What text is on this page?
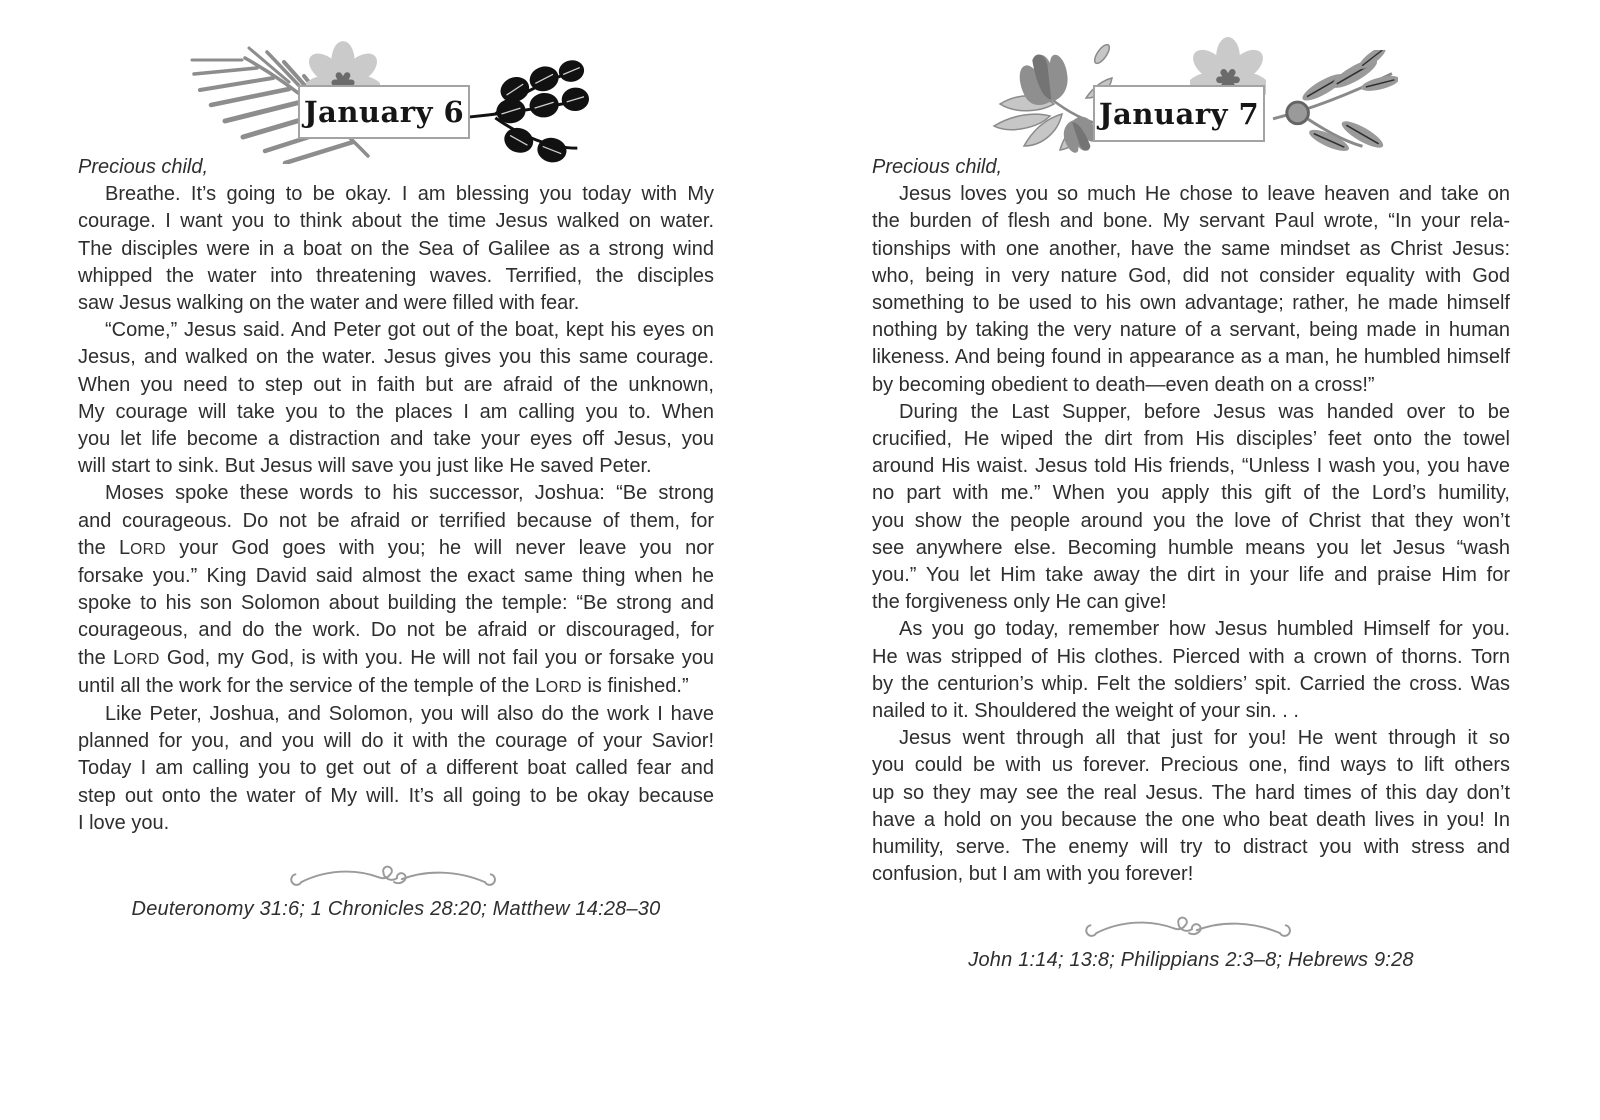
January 6
Precious child,
Breathe. It’s going to be okay. I am blessing you today with My
courage. I want you to think about the time Jesus walked on water.
The disciples were in a boat on the Sea of Galilee as a strong wind
whipped the water into threatening waves. Terrified, the disciples
saw Jesus walking on the water and were filled with fear.
“Come,” Jesus said. And Peter got out of the boat, kept his eyes on
Jesus, and walked on the water. Jesus gives you this same courage.
When you need to step out in faith but are afraid of the unknown,
My courage will take you to the places I am calling you to. When
you let life become a distraction and take your eyes off Jesus, you
will start to sink. But Jesus will save you just like He saved Peter.
Moses spoke these words to his successor, Joshua: “Be strong
and courageous. Do not be afraid or terrified because of them, for
the LORD your God goes with you; he will never leave you nor
forsake you.” King David said almost the exact same thing when he
spoke to his son Solomon about building the temple: “Be strong and
courageous, and do the work. Do not be afraid or discouraged, for
the LORD God, my God, is with you. He will not fail you or forsake you
until all the work for the service of the temple of the LORD is finished.”
Like Peter, Joshua, and Solomon, you will also do the work I have
planned for you, and you will do it with the courage of your Savior!
Today I am calling you to get out of a different boat called fear and
step out onto the water of My will. It’s all going to be okay because
I love you.
Deuteronomy 31:6; 1 Chronicles 28:20; Matthew 14:28–30
January 7
Precious child,
Jesus loves you so much He chose to leave heaven and take on
the burden of flesh and bone. My servant Paul wrote, “In your rela-
tionships with one another, have the same mindset as Christ Jesus:
who, being in very nature God, did not consider equality with God
something to be used to his own advantage; rather, he made himself
nothing by taking the very nature of a servant, being made in human
likeness. And being found in appearance as a man, he humbled himself
by becoming obedient to death—even death on a cross!”
During the Last Supper, before Jesus was handed over to be
crucified, He wiped the dirt from His disciples’ feet onto the towel
around His waist. Jesus told His friends, “Unless I wash you, you have
no part with me.” When you apply this gift of the Lord’s humility,
you show the people around you the love of Christ that they won’t
see anywhere else. Becoming humble means you let Jesus “wash
you.” You let Him take away the dirt in your life and praise Him for
the forgiveness only He can give!
As you go today, remember how Jesus humbled Himself for you.
He was stripped of His clothes. Pierced with a crown of thorns. Torn
by the centurion’s whip. Felt the soldiers’ spit. Carried the cross. Was
nailed to it. Shouldered the weight of your sin. . .
Jesus went through all that just for you! He went through it so
you could be with us forever. Precious one, find ways to lift others
up so they may see the real Jesus. The hard times of this day don’t
have a hold on you because the one who beat death lives in you! In
humility, serve. The enemy will try to distract you with stress and
confusion, but I am with you forever!
John 1:14; 13:8; Philippians 2:3–8; Hebrews 9:28
